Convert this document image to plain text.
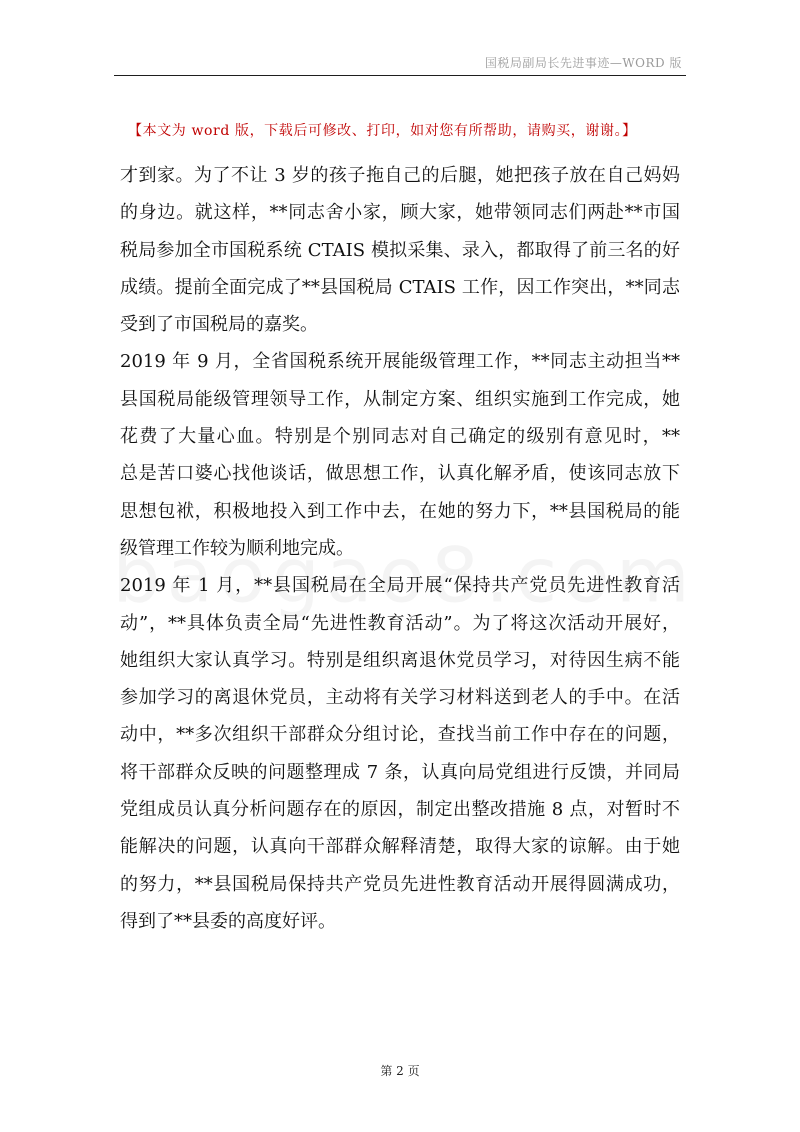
国税局副局长先进事迹—WORD 版
【本文为 word 版，下载后可修改、打印，如对您有所帮助，请购买，谢谢。】
才到家。为了不让 3 岁的孩子拖自己的后腿，她把孩子放在自己妈妈
的身边。就这样，**同志舍小家，顾大家，她带领同志们两赴**市国
税局参加全市国税系统 CTAIS 模拟采集、录入，都取得了前三名的好
成绩。提前全面完成了**县国税局 CTAIS 工作，因工作突出，**同志
受到了市国税局的嘉奖。
2019 年 9 月，全省国税系统开展能级管理工作，**同志主动担当**
县国税局能级管理领导工作，从制定方案、组织实施到工作完成，她
花费了大量心血。特别是个别同志对自己确定的级别有意见时，**
总是苦口婆心找他谈话，做思想工作，认真化解矛盾，使该同志放下
思想包袱，积极地投入到工作中去，在她的努力下，**县国税局的能
级管理工作较为顺利地完成。
2019 年 1 月，**县国税局在全局开展“保持共产党员先进性教育活
动”，**具体负责全局“先进性教育活动”。为了将这次活动开展好，
她组织大家认真学习。特别是组织离退休党员学习，对待因生病不能
参加学习的离退休党员，主动将有关学习材料送到老人的手中。在活
动中，**多次组织干部群众分组讨论，查找当前工作中存在的问题，
将干部群众反映的问题整理成 7 条，认真向局党组进行反馈，并同局
党组成员认真分析问题存在的原因，制定出整改措施 8 点，对暂时不
能解决的问题，认真向干部群众解释清楚，取得大家的谅解。由于她
的努力，**县国税局保持共产党员先进性教育活动开展得圆满成功，
得到了**县委的高度好评。
第 2 页
